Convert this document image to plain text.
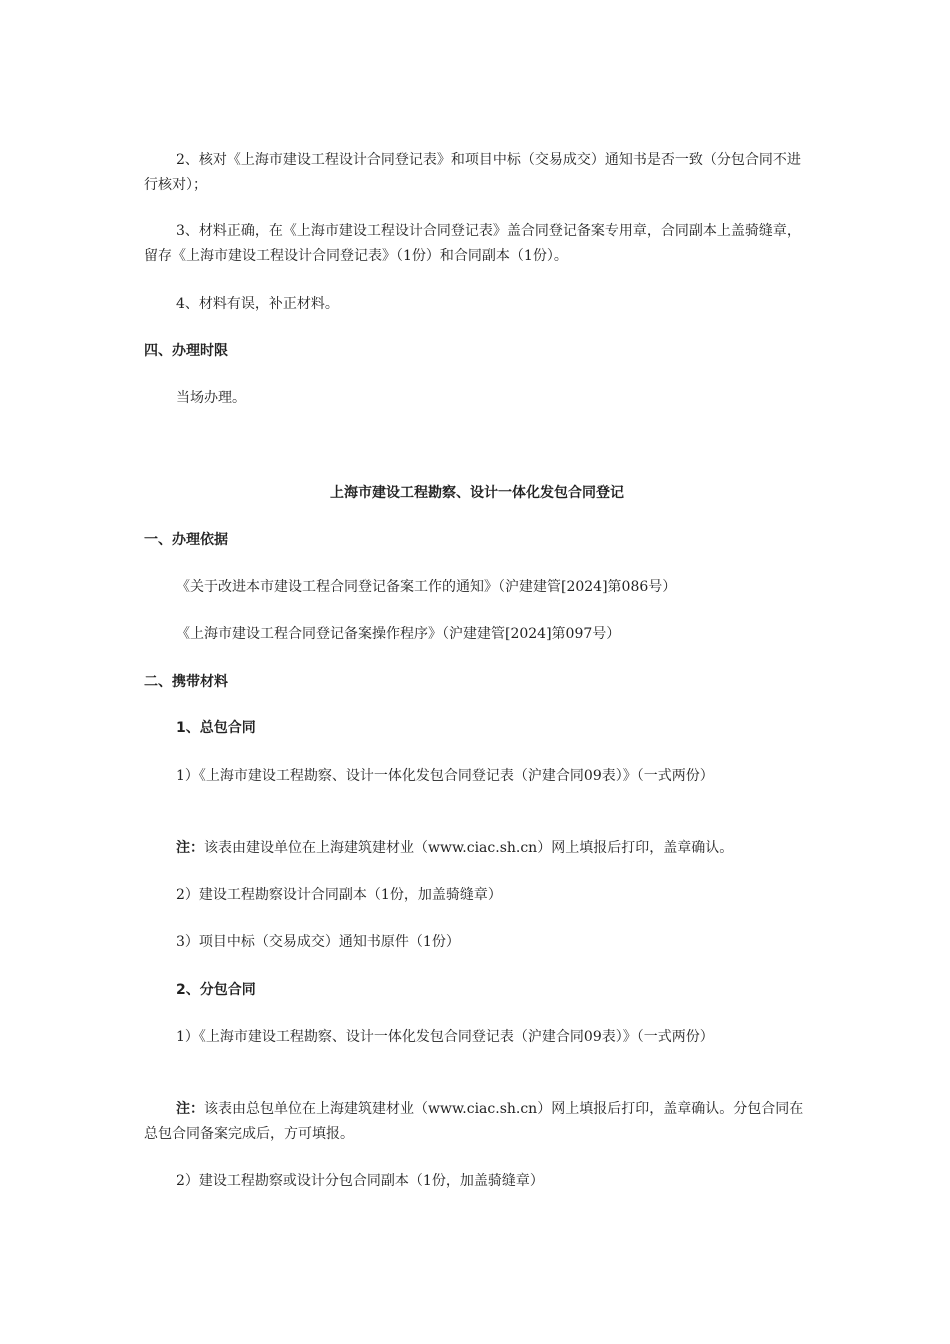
2、核对《上海市建设工程设计合同登记表》和项目中标（交易成交）通知书是否一致（分包合同不进行核对）；
3、材料正确，在《上海市建设工程设计合同登记表》盖合同登记备案专用章，合同副本上盖骑缝章，留存《上海市建设工程设计合同登记表》（1份）和合同副本（1份）。
4、材料有误，补正材料。
四、办理时限
当场办理。
上海市建设工程勘察、设计一体化发包合同登记
一、办理依据
《关于改进本市建设工程合同登记备案工作的通知》（沪建建管[2024]第086号）
《上海市建设工程合同登记备案操作程序》（沪建建管[2024]第097号）
二、携带材料
1、总包合同
1）《上海市建设工程勘察、设计一体化发包合同登记表（沪建合同09表）》（一式两份）
注：该表由建设单位在上海建筑建材业（www.ciac.sh.cn）网上填报后打印，盖章确认。
2）建设工程勘察设计合同副本（1份，加盖骑缝章）
3）项目中标（交易成交）通知书原件（1份）
2、分包合同
1）《上海市建设工程勘察、设计一体化发包合同登记表（沪建合同09表）》（一式两份）
注：该表由总包单位在上海建筑建材业（www.ciac.sh.cn）网上填报后打印，盖章确认。分包合同在总包合同备案完成后，方可填报。
2）建设工程勘察或设计分包合同副本（1份，加盖骑缝章）
